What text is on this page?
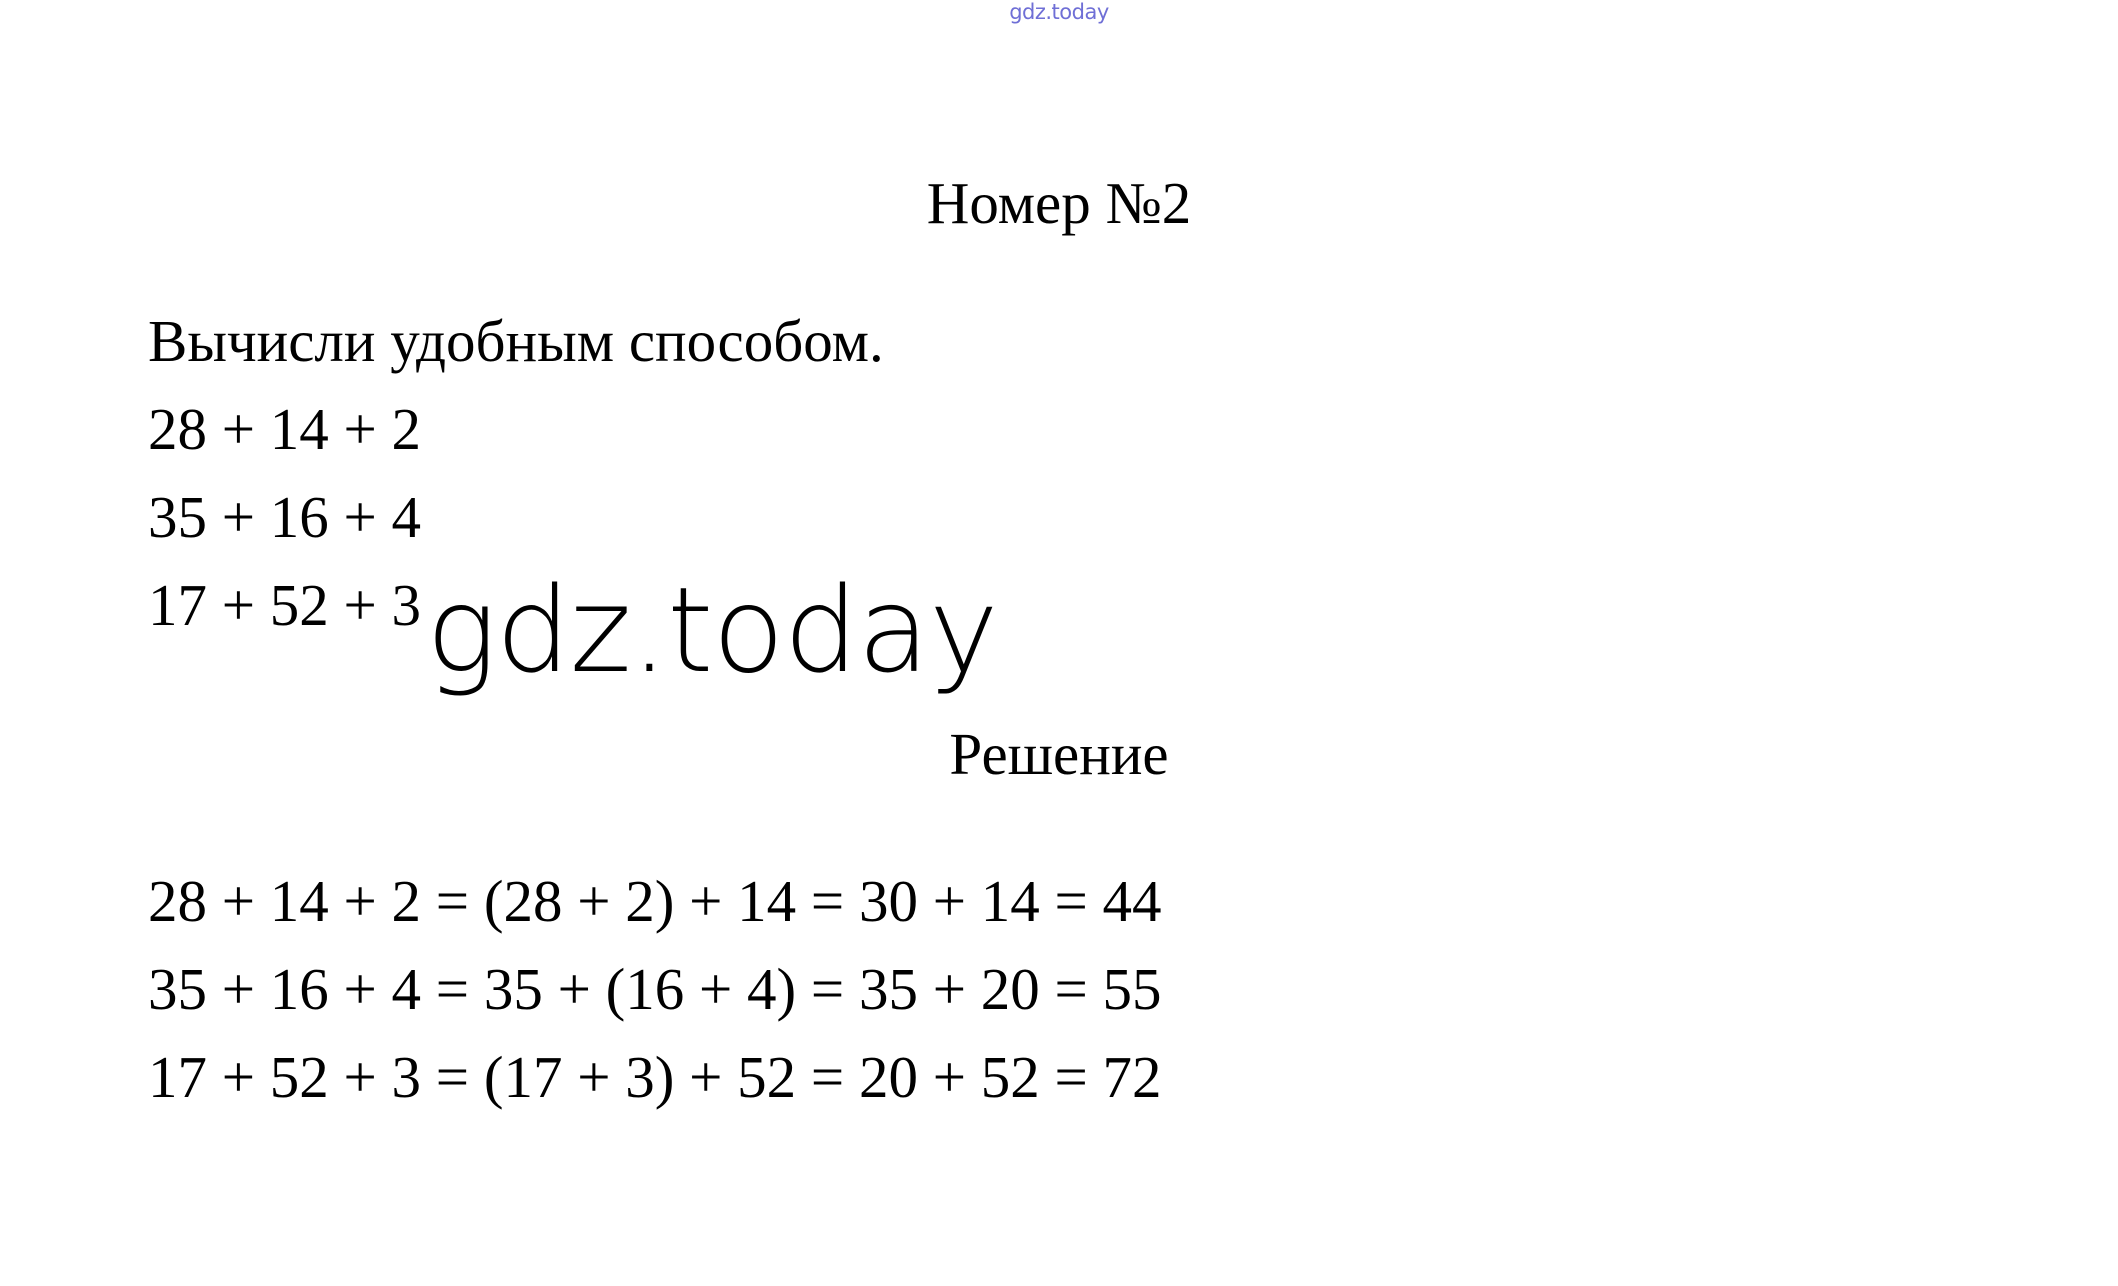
gdz.today
Номер №2
Вычисли удобным способом.
28 + 14 + 2
35 + 16 + 4
17 + 52 + 3 gdz.today
Решение
28 + 14 + 2 = (28 + 2) + 14 = 30 + 14 = 44
35 + 16 + 4 = 35 + (16 + 4) = 35 + 20 = 55
17 + 52 + 3 = (17 + 3) + 52 = 20 + 52 = 72
